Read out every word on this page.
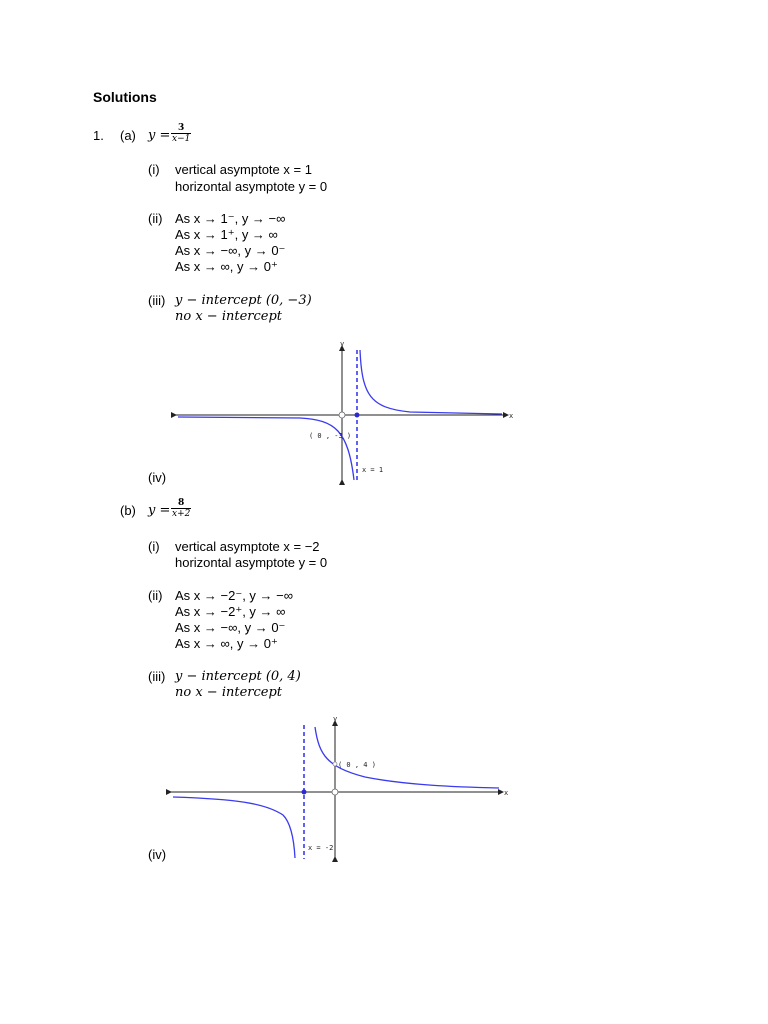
Solutions
1. (a) $y = \frac{3}{x-1}$
(i) vertical asymptote x = 1
horizontal asymptote y = 0
(ii) As x → 1⁻, y → −∞
As x → 1⁺, y → ∞
As x → −∞, y → 0⁻
As x → ∞, y → 0⁺
(iii) y − intercept (0, −3)
no x − intercept
(iv)
x
y
( 0 , -3 )
x = 1
(b) $y = \frac{8}{x+2}$
(i) vertical asymptote x = −2
horizontal asymptote y = 0
(ii) As x → −2⁻, y → −∞
As x → −2⁺, y → ∞
As x → −∞, y → 0⁻
As x → ∞, y → 0⁺
(iii) y − intercept (0, 4)
no x − intercept
(iv)
x
y
( 0 , 4 )
x = -2
